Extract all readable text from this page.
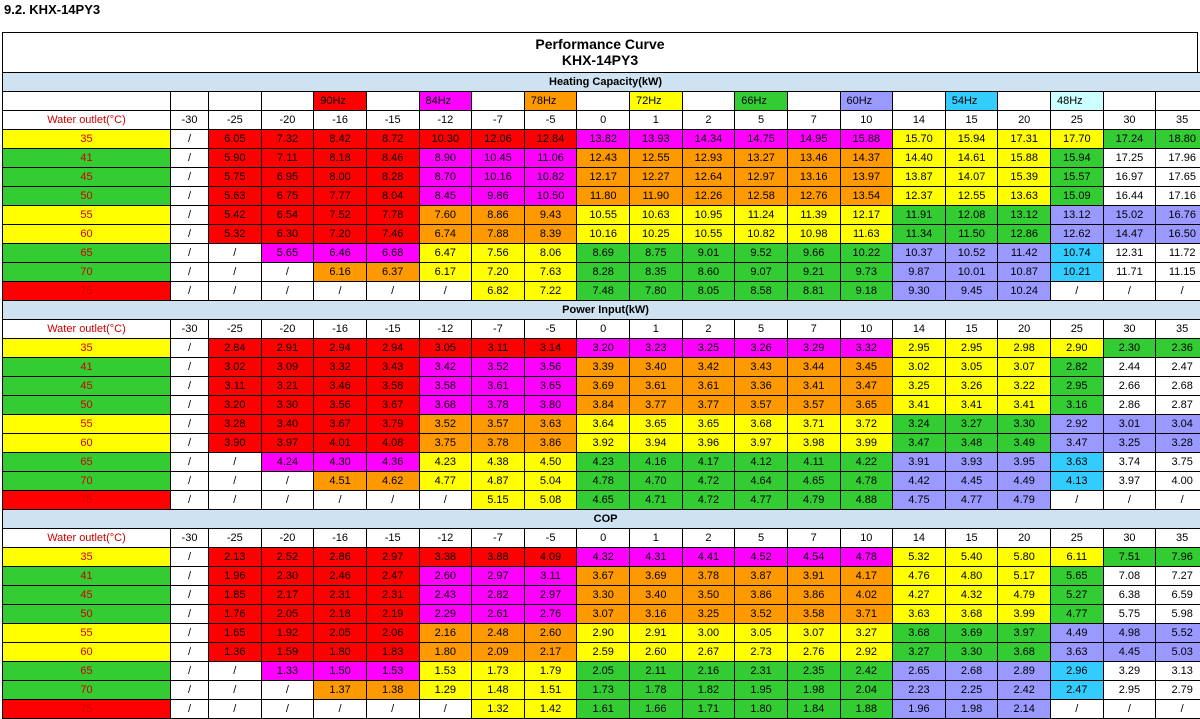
9.2. KHX-14PY3
Performance Curve
KHX-14PY3
Heating Capacity(kW)																				
				90Hz		84Hz		78Hz		72Hz		66Hz		60Hz		54Hz		48Hz		
Water outlet(°C)	-30	-25	-20	-16	-15	-12	-7	-5	0	1	2	5	7	10	14	15	20	25	30	35
35	/	6.05	7.32	8.42	8.72	10.30	12.06	12.84	13.82	13.93	14.34	14.75	14.95	15.88	15.70	15.94	17.31	17.70	17.24	18.80
41	/	5.90	7.11	8.18	8.46	8.90	10.45	11.06	12.43	12.55	12.93	13.27	13.46	14.37	14.40	14.61	15.88	15.94	17.25	17.96
45	/	5.75	6.95	8.00	8.28	8.70	10.16	10.82	12.17	12.27	12.64	12.97	13.16	13.97	13.87	14.07	15.39	15.57	16.97	17.65
50	/	5.63	6.75	7.77	8.04	8.45	9.86	10.50	11.80	11.90	12.26	12.58	12.76	13.54	12.37	12.55	13.63	15.09	16.44	17.16
55	/	5.42	6.54	7.52	7.78	7.60	8.86	9.43	10.55	10.63	10.95	11.24	11.39	12.17	11.91	12.08	13.12	13.12	15.02	16.76
60	/	5.32	6.30	7.20	7.46	6.74	7.88	8.39	10.16	10.25	10.55	10.82	10.98	11.63	11.34	11.50	12.86	12.62	14.47	16.50
65	/	/	5.65	6.46	6.68	6.47	7.56	8.06	8.69	8.75	9.01	9.52	9.66	10.22	10.37	10.52	11.42	10.74	12.31	11.72
70	/	/	/	6.16	6.37	6.17	7.20	7.63	8.28	8.35	8.60	9.07	9.21	9.73	9.87	10.01	10.87	10.21	11.71	11.15
75	/	/	/	/	/	/	6.82	7.22	7.48	7.80	8.05	8.58	8.81	9.18	9.30	9.45	10.24	/	/	/
Power Input(kW)																				
Water outlet(°C)	-30	-25	-20	-16	-15	-12	-7	-5	0	1	2	5	7	10	14	15	20	25	30	35
35	/	2.84	2.91	2.94	2.94	3.05	3.11	3.14	3.20	3.23	3.25	3.26	3.29	3.32	2.95	2.95	2.98	2.90	2.30	2.36
41	/	3.02	3.09	3.32	3.43	3.42	3.52	3.56	3.39	3.40	3.42	3.43	3.44	3.45	3.02	3.05	3.07	2.82	2.44	2.47
45	/	3.11	3.21	3.46	3.58	3.58	3.61	3.65	3.69	3.61	3.61	3.36	3.41	3.47	3.25	3.26	3.22	2.95	2.66	2.68
50	/	3.20	3.30	3.56	3.67	3.68	3.78	3.80	3.84	3.77	3.77	3.57	3.57	3.65	3.41	3.41	3.41	3.16	2.86	2.87
55	/	3.28	3.40	3.67	3.79	3.52	3.57	3.63	3.64	3.65	3.65	3.68	3.71	3.72	3.24	3.27	3.30	2.92	3.01	3.04
60	/	3.90	3.97	4.01	4.08	3.75	3.78	3.86	3.92	3.94	3.96	3.97	3.98	3.99	3.47	3.48	3.49	3.47	3.25	3.28
65	/	/	4.24	4.30	4.36	4.23	4.38	4.50	4.23	4.16	4.17	4.12	4.11	4.22	3.91	3.93	3.95	3.63	3.74	3.75
70	/	/	/	4.51	4.62	4.77	4.87	5.04	4.78	4.70	4.72	4.64	4.65	4.78	4.42	4.45	4.49	4.13	3.97	4.00
75	/	/	/	/	/	/	5.15	5.08	4.65	4.71	4.72	4.77	4.79	4.88	4.75	4.77	4.79	/	/	/
COP																				
Water outlet(°C)	-30	-25	-20	-16	-15	-12	-7	-5	0	1	2	5	7	10	14	15	20	25	30	35
35	/	2.13	2.52	2.86	2.97	3.38	3.88	4.09	4.32	4.31	4.41	4.52	4.54	4.78	5.32	5.40	5.80	6.11	7.51	7.96
41	/	1.96	2.30	2.46	2.47	2.60	2.97	3.11	3.67	3.69	3.78	3.87	3.91	4.17	4.76	4.80	5.17	5.65	7.08	7.27
45	/	1.85	2.17	2.31	2.31	2.43	2.82	2.97	3.30	3.40	3.50	3.86	3.86	4.02	4.27	4.32	4.79	5.27	6.38	6.59
50	/	1.76	2.05	2.18	2.19	2.29	2.61	2.76	3.07	3.16	3.25	3.52	3.58	3.71	3.63	3.68	3.99	4.77	5.75	5.98
55	/	1.65	1.92	2.05	2.06	2.16	2.48	2.60	2.90	2.91	3.00	3.05	3.07	3.27	3.68	3.69	3.97	4.49	4.98	5.52
60	/	1.36	1.59	1.80	1.83	1.80	2.09	2.17	2.59	2.60	2.67	2.73	2.76	2.92	3.27	3.30	3.68	3.63	4.45	5.03
65	/	/	1.33	1.50	1.53	1.53	1.73	1.79	2.05	2.11	2.16	2.31	2.35	2.42	2.65	2.68	2.89	2.96	3.29	3.13
70	/	/	/	1.37	1.38	1.29	1.48	1.51	1.73	1.78	1.82	1.95	1.98	2.04	2.23	2.25	2.42	2.47	2.95	2.79
75	/	/	/	/	/	/	1.32	1.42	1.61	1.66	1.71	1.80	1.84	1.88	1.96	1.98	2.14	/	/	/
